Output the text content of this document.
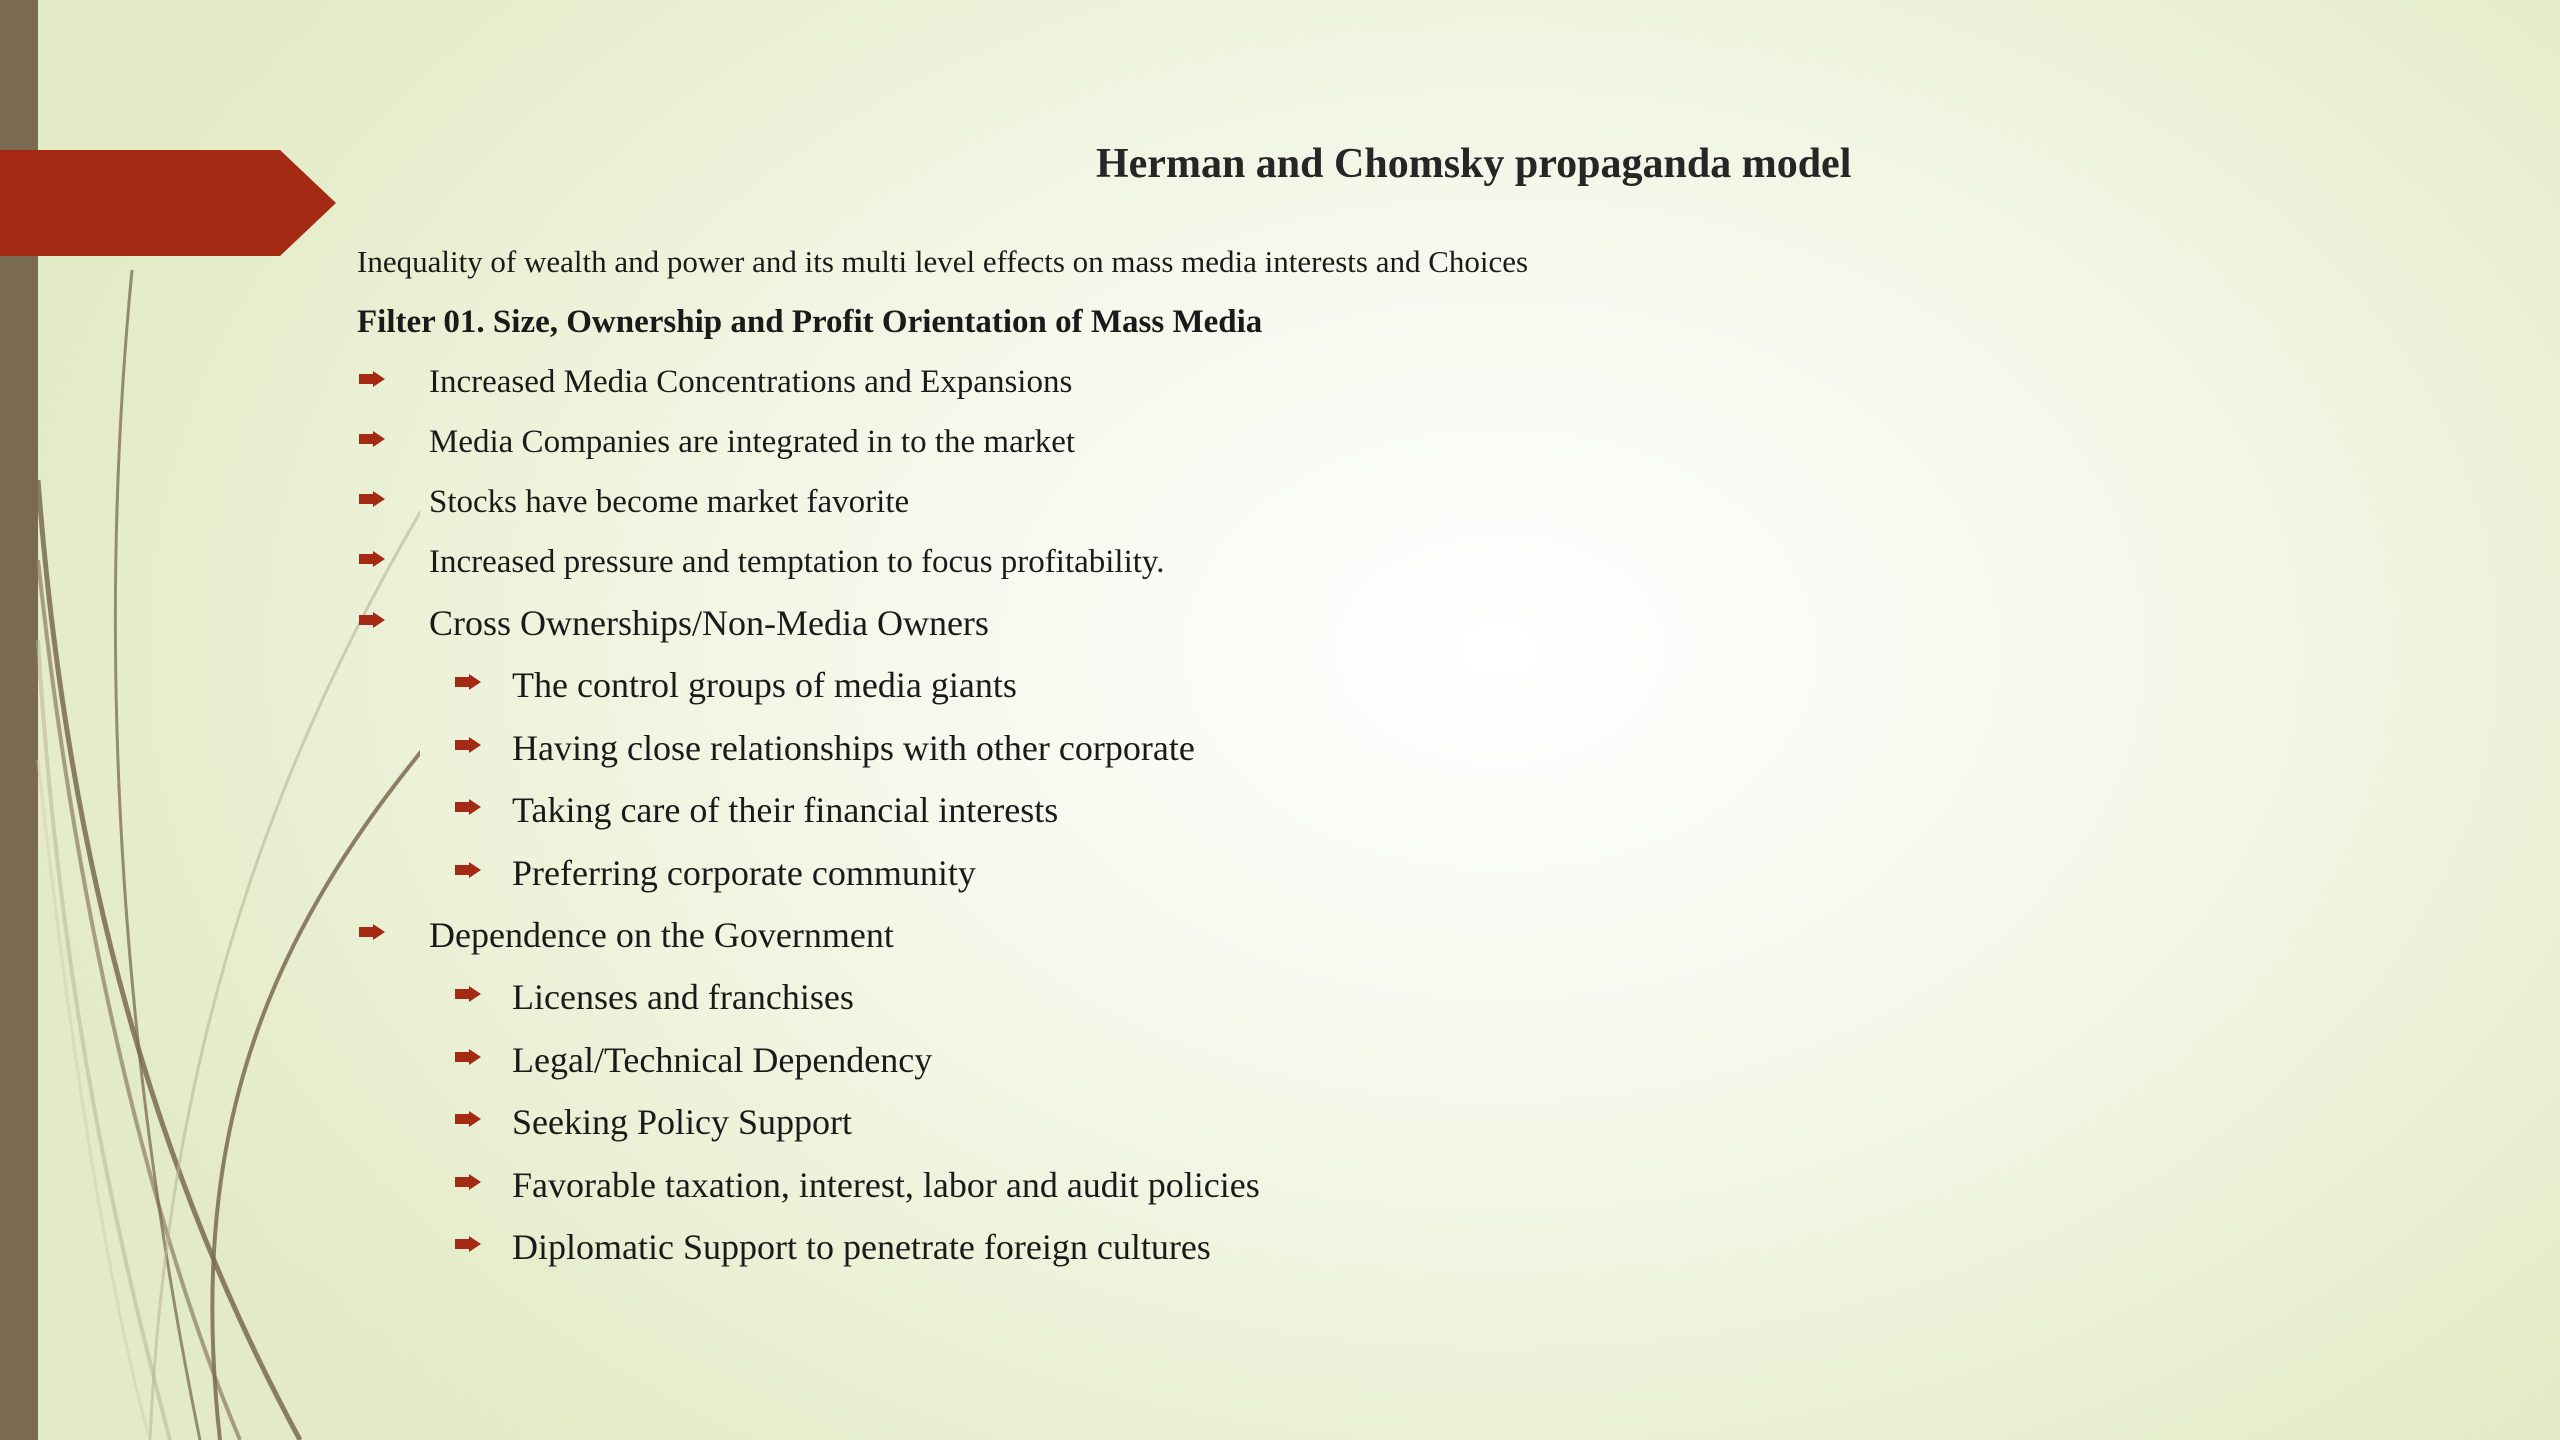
Herman and Chomsky propaganda model
Inequality of wealth and power and its multi level effects on mass media interests and Choices
Filter 01. Size, Ownership and Profit Orientation of Mass Media
Increased Media Concentrations and Expansions
Media Companies are integrated in to the market
Stocks have become market favorite
Increased pressure and temptation to focus profitability.
Cross Ownerships/Non-Media Owners
The control groups of media giants
Having close relationships with other corporate
Taking care of their financial interests
Preferring corporate community
Dependence on the Government
Licenses and franchises
Legal/Technical Dependency
Seeking Policy Support
Favorable taxation, interest, labor and audit policies
Diplomatic Support to penetrate foreign cultures
